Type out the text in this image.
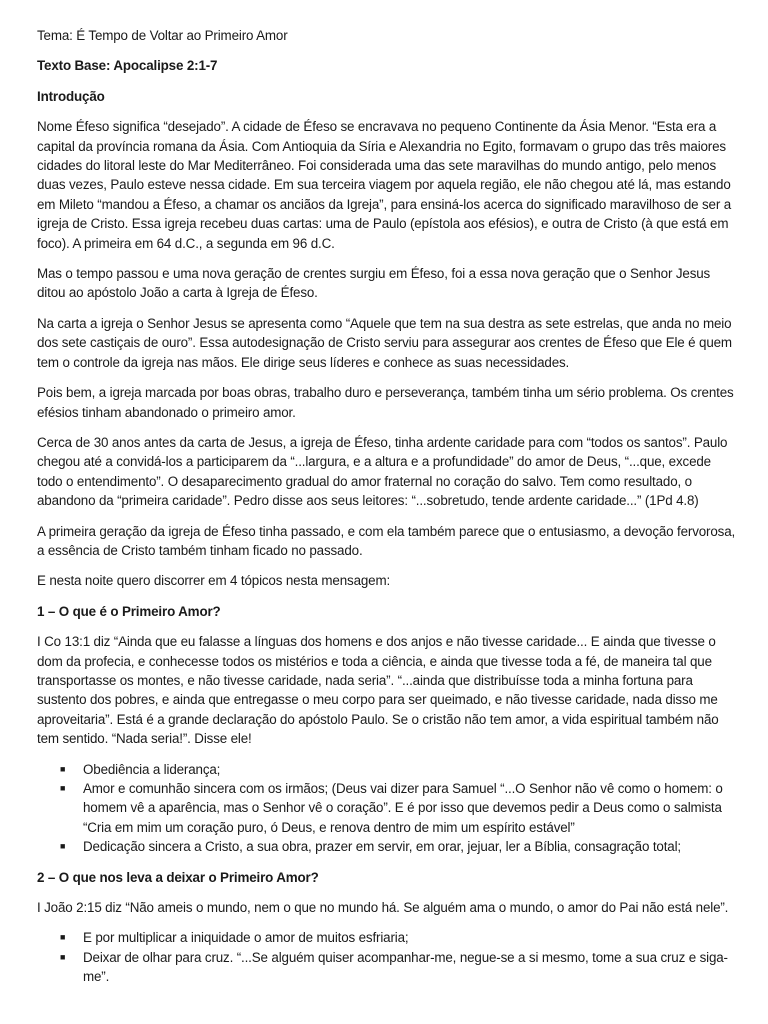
Tema: É Tempo de Voltar ao Primeiro Amor

Texto Base: Apocalipse 2:1-7

Introdução

Nome Éfeso significa “desejado”. A cidade de Éfeso se encravava no pequeno Continente da Ásia Menor. “Esta era a capital da província romana da Ásia. Com Antioquia da Síria e Alexandria no Egito, formavam o grupo das três maiores cidades do litoral leste do Mar Mediterrâneo. Foi considerada uma das sete maravilhas do mundo antigo, pelo menos duas vezes, Paulo esteve nessa cidade. Em sua terceira viagem por aquela região, ele não chegou até lá, mas estando em Mileto “mandou a Éfeso, a chamar os anciãos da Igreja”, para ensiná-los acerca do significado maravilhoso de ser a igreja de Cristo. Essa igreja recebeu duas cartas: uma de Paulo (epístola aos efésios), e outra de Cristo (à que está em foco). A primeira em 64 d.C., a segunda em 96 d.C.

Mas o tempo passou e uma nova geração de crentes surgiu em Éfeso, foi a essa nova geração que o Senhor Jesus ditou ao apóstolo João a carta à Igreja de Éfeso.

Na carta a igreja o Senhor Jesus se apresenta como “Aquele que tem na sua destra as sete estrelas, que anda no meio dos sete castiçais de ouro”. Essa autodesignação de Cristo serviu para assegurar aos crentes de Éfeso que Ele é quem tem o controle da igreja nas mãos. Ele dirige seus líderes e conhece as suas necessidades.

Pois bem, a igreja marcada por boas obras, trabalho duro e perseverança, também tinha um sério problema. Os crentes efésios tinham abandonado o primeiro amor.

Cerca de 30 anos antes da carta de Jesus, a igreja de Éfeso, tinha ardente caridade para com “todos os santos”. Paulo chegou até a convidá-los a participarem da “...largura, e a altura e a profundidade” do amor de Deus, “...que, excede todo o entendimento”. O desaparecimento gradual do amor fraternal no coração do salvo. Tem como resultado, o abandono da “primeira caridade”. Pedro disse aos seus leitores: “...sobretudo, tende ardente caridade...” (1Pd 4.8)

A primeira geração da igreja de Éfeso tinha passado, e com ela também parece que o entusiasmo, a devoção fervorosa, a essência de Cristo também tinham ficado no passado.

E nesta noite quero discorrer em 4 tópicos nesta mensagem:

1 – O que é o Primeiro Amor?

I Co 13:1 diz “Ainda que eu falasse a línguas dos homens e dos anjos e não tivesse caridade... E ainda que tivesse o dom da profecia, e conhecesse todos os mistérios e toda a ciência, e ainda que tivesse toda a fé, de maneira tal que transportasse os montes, e não tivesse caridade, nada seria”. “...ainda que distribuísse toda a minha fortuna para sustento dos pobres, e ainda que entregasse o meu corpo para ser queimado, e não tivesse caridade, nada disso me aproveitaria”. Está é a grande declaração do apóstolo Paulo. Se o cristão não tem amor, a vida espiritual também não tem sentido. “Nada seria!”. Disse ele!

■ Obediência a liderança;
■ Amor e comunhão sincera com os irmãos; (Deus vai dizer para Samuel “...O Senhor não vê como o homem: o homem vê a aparência, mas o Senhor vê o coração”. E é por isso que devemos pedir a Deus como o salmista “Cria em mim um coração puro, ó Deus, e renova dentro de mim um espírito estável”
■ Dedicação sincera a Cristo, a sua obra, prazer em servir, em orar, jejuar, ler a Bíblia, consagração total;

2 – O que nos leva a deixar o Primeiro Amor?

I João 2:15 diz “Não ameis o mundo, nem o que no mundo há. Se alguém ama o mundo, o amor do Pai não está nele”.

■ E por multiplicar a iniquidade o amor de muitos esfriaria;
■ Deixar de olhar para cruz. “...Se alguém quiser acompanhar-me, negue-se a si mesmo, tome a sua cruz e siga-me”.
